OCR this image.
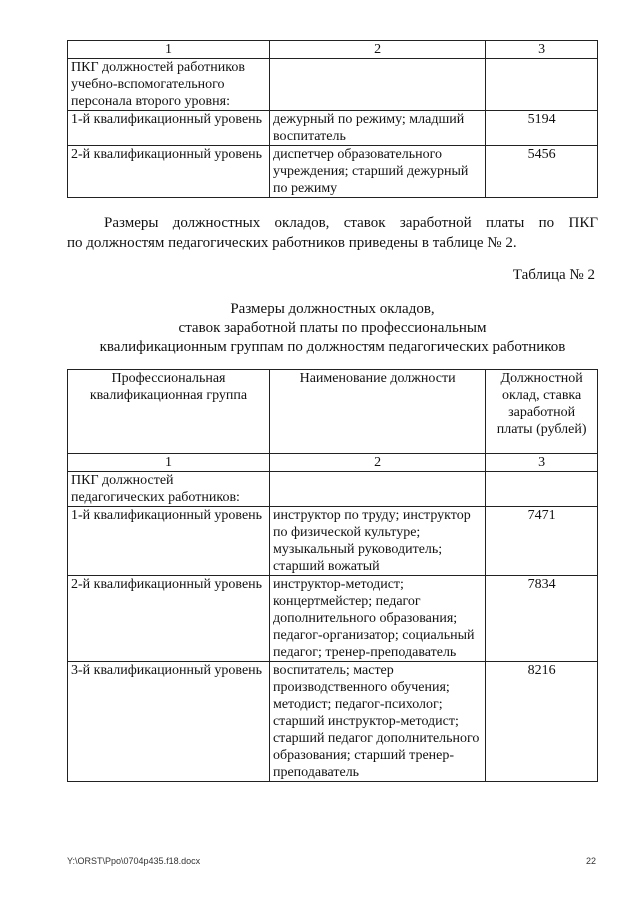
1	2	3
ПКГ должностей работников учебно-вспомогательного персонала второго уровня:		
1-й квалификационный уровень	дежурный по режиму; младший воспитатель	5194
2-й квалификационный уровень	диспетчер образовательного учреждения; старший дежурный по режиму	5456
Размеры должностных окладов, ставок заработной платы по ПКГ
по должностям педагогических работников приведены в таблице № 2.
Таблица № 2
Размеры должностных окладов,
ставок заработной платы по профессиональным
квалификационным группам по должностям педагогических работников
Профессиональная квалификационная группа	Наименование должности	Должностной оклад, ставка заработной платы (рублей)
1	2	3
ПКГ должностей педагогических работников:		
1-й квалификационный уровень	инструктор по труду; инструктор по физической культуре; музыкальный руководитель; старший вожатый	7471
2-й квалификационный уровень	инструктор-методист; концертмейстер; педагог дополнительного образования; педагог-организатор; социальный педагог; тренер-преподаватель	7834
3-й квалификационный уровень	воспитатель; мастер производственного обучения; методист; педагог-психолог; старший инструктор-методист; старший педагог дополнительного образования; старший тренер-преподаватель	8216
Y:\ORST\Ppo\0704p435.f18.docx	22
